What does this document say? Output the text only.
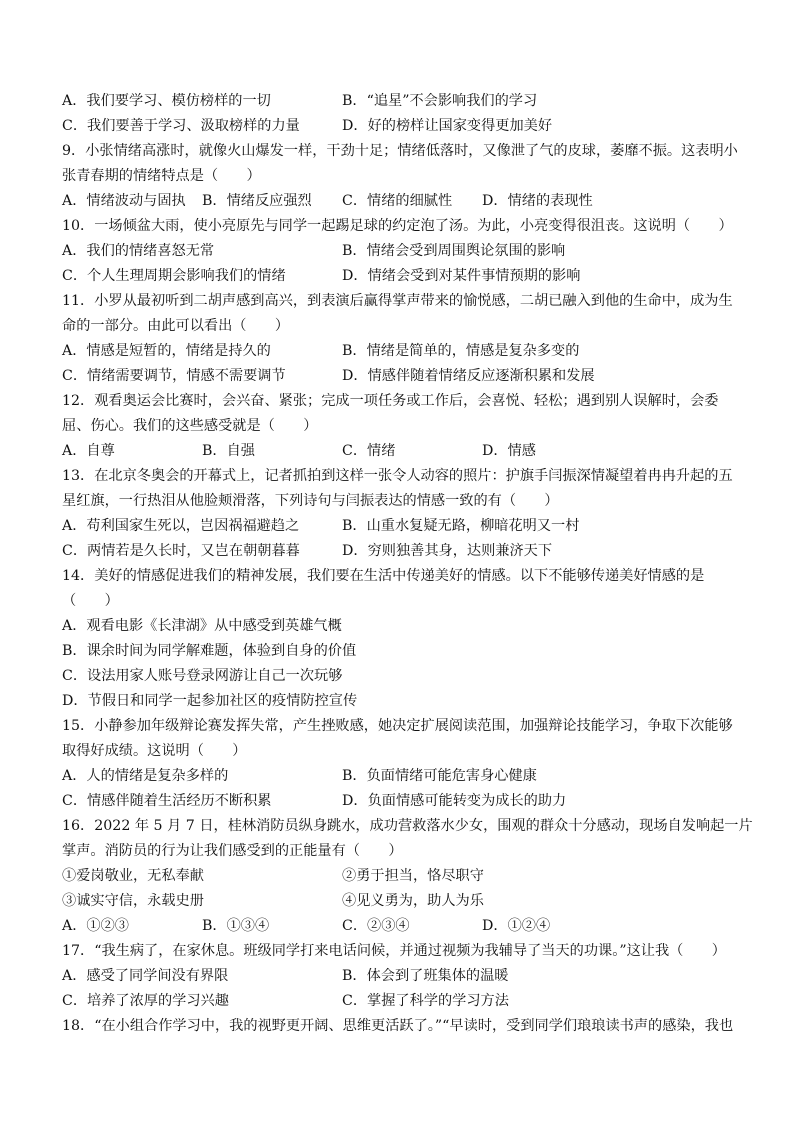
A．我们要学习、模仿榜样的一切	B．“追星”不会影响我们的学习
C．我们要善于学习、汲取榜样的力量	D．好的榜样让国家变得更加美好
9．小张情绪高涨时，就像火山爆发一样，干劲十足；情绪低落时，又像泄了气的皮球，萎靡不振。这表明小
张青春期的情绪特点是（　　）
A．情绪波动与固执	B．情绪反应强烈	C．情绪的细腻性	D．情绪的表现性
10．一场倾盆大雨，使小亮原先与同学一起踢足球的约定泡了汤。为此，小亮变得很沮丧。这说明（　　）
A．我们的情绪喜怒无常	B．情绪会受到周围舆论氛围的影响
C．个人生理周期会影响我们的情绪	D．情绪会受到对某件事情预期的影响
11．小罗从最初听到二胡声感到高兴，到表演后赢得掌声带来的愉悦感，二胡已融入到他的生命中，成为生
命的一部分。由此可以看出（　　）
A．情感是短暂的，情绪是持久的	B．情绪是简单的，情感是复杂多变的
C．情绪需要调节，情感不需要调节	D．情感伴随着情绪反应逐渐积累和发展
12．观看奥运会比赛时，会兴奋、紧张；完成一项任务或工作后，会喜悦、轻松；遇到别人误解时，会委
屈、伤心。我们的这些感受就是（　　）
A．自尊	B．自强	C．情绪	D．情感
13．在北京冬奥会的开幕式上，记者抓拍到这样一张令人动容的照片：护旗手闫振深情凝望着冉冉升起的五
星红旗，一行热泪从他脸颊滑落，下列诗句与闫振表达的情感一致的有（　　）
A．苟利国家生死以，岂因祸福避趋之	B．山重水复疑无路，柳暗花明又一村
C．两情若是久长时，又岂在朝朝暮暮	D．穷则独善其身，达则兼济天下
14．美好的情感促进我们的精神发展，我们要在生活中传递美好的情感。以下不能够传递美好情感的是
（　　）
A．观看电影《长津湖》从中感受到英雄气概
B．课余时间为同学解难题，体验到自身的价值
C．设法用家人账号登录网游让自己一次玩够
D．节假日和同学一起参加社区的疫情防控宣传
15．小静参加年级辩论赛发挥失常，产生挫败感，她决定扩展阅读范围，加强辩论技能学习，争取下次能够
取得好成绩。这说明（　　）
A．人的情绪是复杂多样的	B．负面情绪可能危害身心健康
C．情感伴随着生活经历不断积累	D．负面情感可能转变为成长的助力
16．2022 年 5 月 7 日，桂林消防员纵身跳水，成功营救落水少女，围观的群众十分感动，现场自发响起一片
掌声。消防员的行为让我们感受到的正能量有（　　）
①爱岗敬业，无私奉献	②勇于担当，恪尽职守
③诚实守信，永载史册	④见义勇为，助人为乐
A．①②③	B．①③④	C．②③④	D．①②④
17．“我生病了，在家休息。班级同学打来电话问候，并通过视频为我辅导了当天的功课。”这让我（　　）
A．感受了同学间没有界限	B．体会到了班集体的温暖
C．培养了浓厚的学习兴趣	C．掌握了科学的学习方法
18．“在小组合作学习中，我的视野更开阔、思维更活跃了。”“早读时，受到同学们琅琅读书声的感染，我也
